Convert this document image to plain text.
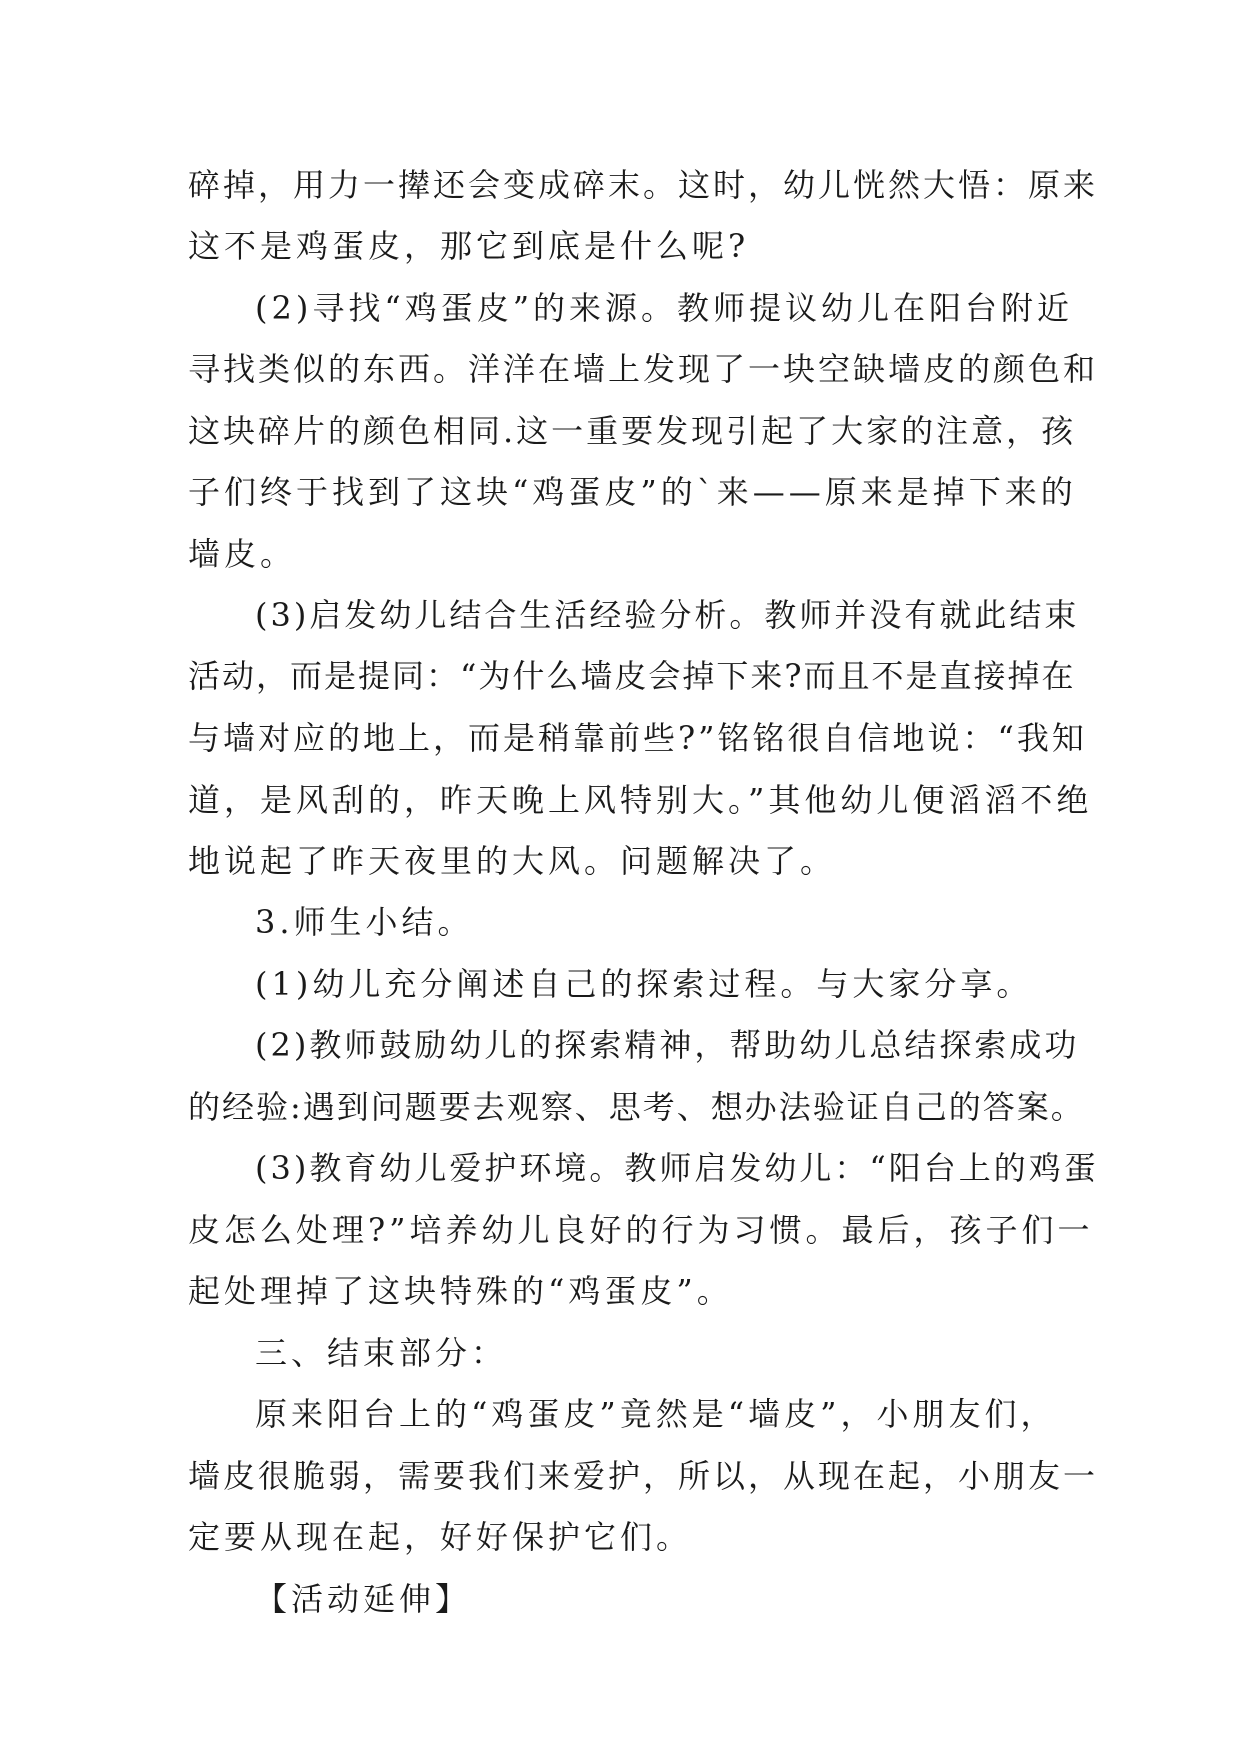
碎掉，用力一撵还会变成碎末。这时，幼儿恍然大悟：原来
这不是鸡蛋皮，那它到底是什么呢?
(2)寻找“鸡蛋皮”的来源。教师提议幼儿在阳台附近
寻找类似的东西。洋洋在墙上发现了一块空缺墙皮的颜色和
这块碎片的颜色相同.这一重要发现引起了大家的注意，孩
子们终于找到了这块“鸡蛋皮”的`来——原来是掉下来的
墙皮。
(3)启发幼儿结合生活经验分析。教师并没有就此结束
活动，而是提同：“为什么墙皮会掉下来?而且不是直接掉在
与墙对应的地上，而是稍靠前些?”铭铭很自信地说：“我知
道，是风刮的，昨天晚上风特别大。”其他幼儿便滔滔不绝
地说起了昨天夜里的大风。问题解决了。
3.师生小结。
(1)幼儿充分阐述自己的探索过程。与大家分享。
(2)教师鼓励幼儿的探索精神，帮助幼儿总结探索成功
的经验:遇到问题要去观察、思考、想办法验证自己的答案。
(3)教育幼儿爱护环境。教师启发幼儿：“阳台上的鸡蛋
皮怎么处理?”培养幼儿良好的行为习惯。最后，孩子们一
起处理掉了这块特殊的“鸡蛋皮”。
三、结束部分：
原来阳台上的“鸡蛋皮”竟然是“墙皮”，小朋友们，
墙皮很脆弱，需要我们来爱护，所以，从现在起，小朋友一
定要从现在起，好好保护它们。
【活动延伸】
